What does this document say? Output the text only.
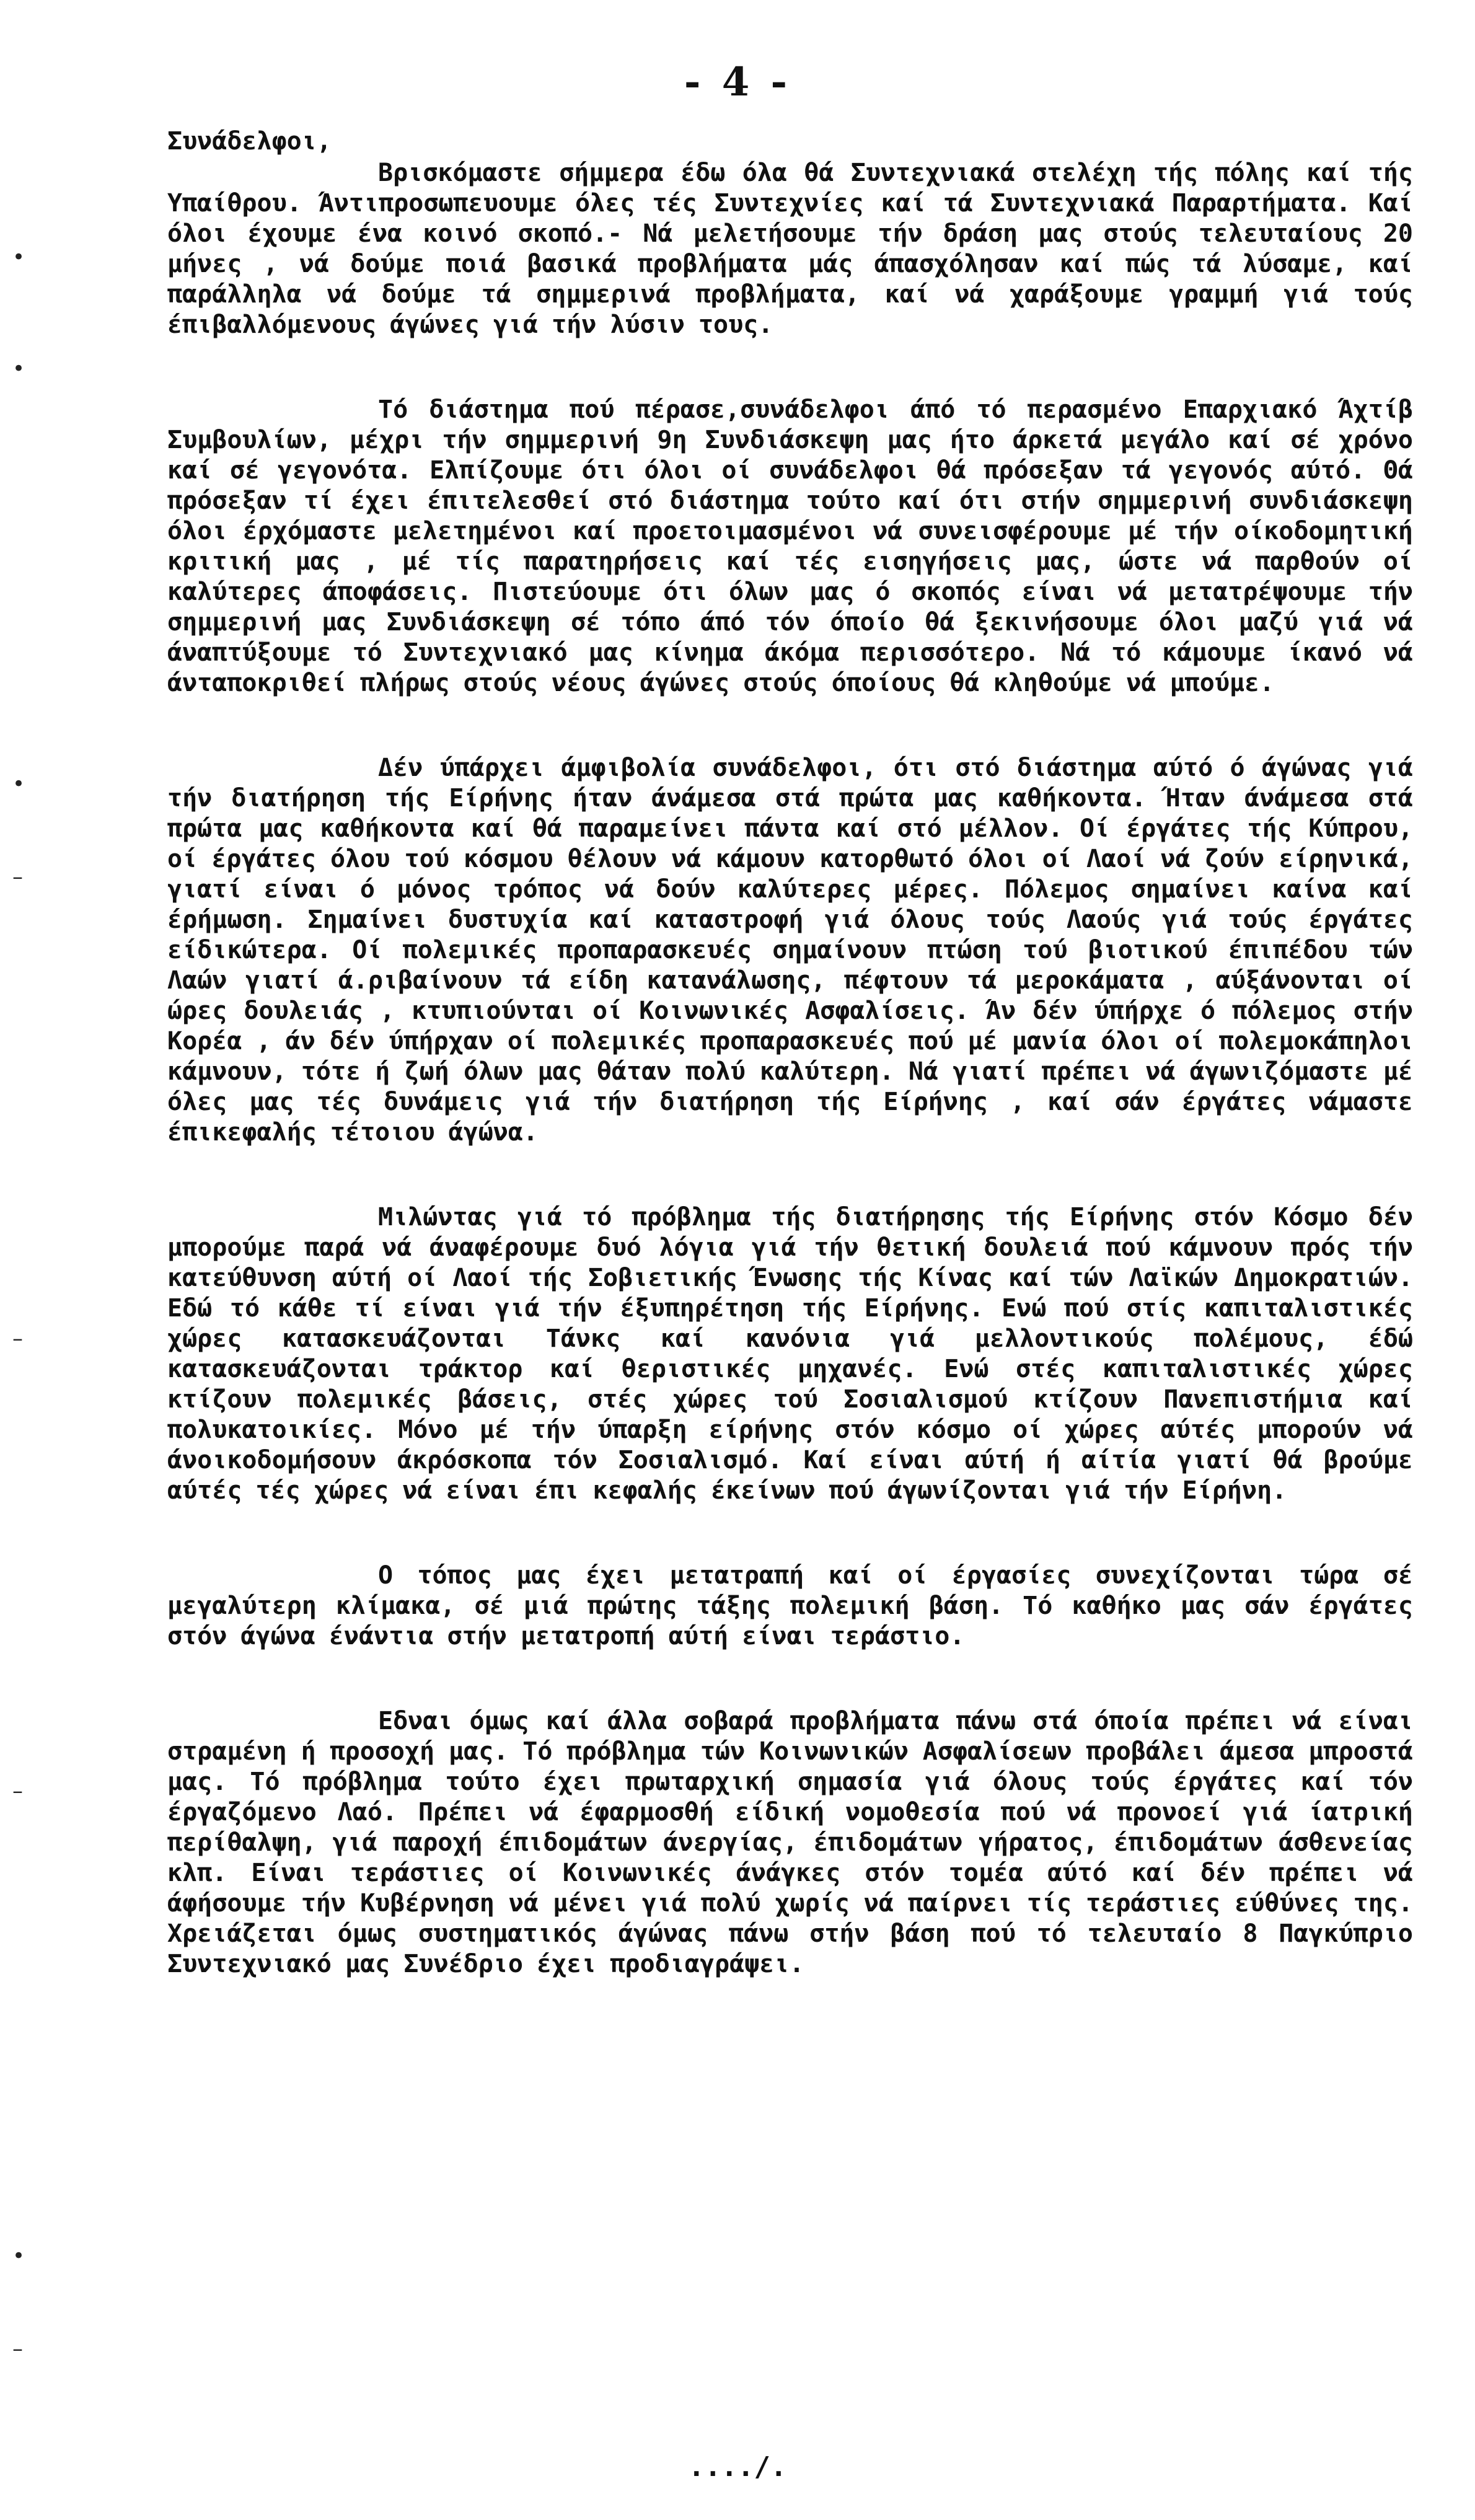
- 4 -
Συνάδελφοι,
•
•
•
–
–
–
•
–

Βρισκόμαστε σήμμερα έδω όλα θά Συντεχνιακά στελέχη τής πόλης καί τής Υπαίθρου. Άντιπροσωπευουμε όλες τές Συντεχνίες καί τά Συντεχνιακά Παραρτήματα. Καί όλοι έχουμε ένα κοινό σκοπό.- Νά μελετήσουμε τήν δράση μας στούς τελευταίους 20 μήνες , νά δούμε ποιά βασικά προβλήματα μάς άπασχόλησαν καί πώς τά λύσαμε, καί παράλληλα νά δούμε τά σημμερινά προβλήματα, καί νά χαράξουμε γραμμή γιά τούς έπιβαλλόμενους άγώνες γιά τήν λύσιν τους.

Τό διάστημα πού πέρασε,συνάδελφοι άπό τό περασμένο Επαρχιακό Άχτίβ Συμβουλίων, μέχρι τήν σημμερινή 9η Συνδιάσκεψη μας ήτο άρκετά μεγάλο καί σέ χρόνο καί σέ γεγονότα. Ελπίζουμε ότι όλοι οί συνάδελφοι θά πρόσεξαν τά γεγονός αύτό. Θά πρόσεξαν τί έχει έπιτελεσθεί στό διάστημα τούτο καί ότι στήν σημμερινή συνδιάσκεψη όλοι έρχόμαστε μελετημένοι καί προετοιμασμένοι νά συνεισφέρουμε μέ τήν οίκοδομητική κριτική μας , μέ τίς παρατηρήσεις καί τές εισηγήσεις μας, ώστε νά παρθούν οί καλύτερες άποφάσεις. Πιστεύουμε ότι όλων μας ό σκοπός είναι νά μετατρέψουμε τήν σημμερινή μας Συνδιάσκεψη σέ τόπο άπό τόν όποίο θά ξεκινήσουμε όλοι μαζύ γιά νά άναπτύξουμε τό Συντεχνιακό μας κίνημα άκόμα περισσότερο. Νά τό κάμουμε ίκανό νά άνταποκριθεί πλήρως στούς νέους άγώνες στούς όποίους θά κληθούμε νά μπούμε.

Δέν ύπάρχει άμφιβολία συνάδελφοι, ότι στό διάστημα αύτό ό άγώνας γιά τήν διατήρηση τής Είρήνης ήταν άνάμεσα στά πρώτα μας καθήκοντα. Ήταν άνάμεσα στά πρώτα μας καθήκοντα καί θά παραμείνει πάντα καί στό μέλλον. Οί έργάτες τής Κύπρου, οί έργάτες όλου τού κόσμου θέλουν νά κάμουν κατορθωτό όλοι οί Λαοί νά ζούν είρηνικά, γιατί είναι ό μόνος τρόπος νά δούν καλύτερες μέρες. Πόλεμος σημαίνει καίνα καί έρήμωση. Σημαίνει δυστυχία καί καταστροφή γιά όλους τούς Λαούς γιά τούς έργάτες είδικώτερα. Οί πολεμικές προπαρασκευές σημαίνουν πτώση τού βιοτικού έπιπέδου τών Λαών γιατί ά.ριβαίνουν τά είδη κατανάλωσης, πέφτουν τά μεροκάματα , αύξάνονται οί ώρες δουλειάς , κτυπιούνται οί Κοινωνικές Ασφαλίσεις. Άν δέν ύπήρχε ό πόλεμος στήν Κορέα , άν δέν ύπήρχαν οί πολεμικές προπαρασκευές πού μέ μανία όλοι οί πολεμοκάπηλοι κάμνουν, τότε ή ζωή όλων μας θάταν πολύ καλύτερη. Νά γιατί πρέπει νά άγωνιζόμαστε μέ όλες μας τές δυνάμεις γιά τήν διατήρηση τής Είρήνης , καί σάν έργάτες νάμαστε έπικεφαλής τέτοιου άγώνα.

Μιλώντας γιά τό πρόβλημα τής διατήρησης τής Είρήνης στόν Κόσμο δέν μπορούμε παρά νά άναφέρουμε δυό λόγια γιά τήν θετική δουλειά πού κάμνουν πρός τήν κατεύθυνση αύτή οί Λαοί τής Σοβιετικής Ένωσης τής Κίνας καί τών Λαϊκών Δημοκρατιών. Εδώ τό κάθε τί είναι γιά τήν έξυπηρέτηση τής Είρήνης. Ενώ πού στίς καπιταλιστικές χώρες κατασκευάζονται Τάνκς καί κανόνια γιά μελλοντικούς πολέμους, έδώ κατασκευάζονται τράκτορ καί θεριστικές μηχανές. Ενώ στές καπιταλιστικές χώρες κτίζουν πολεμικές βάσεις, στές χώρες τού Σοσιαλισμού κτίζουν Πανεπιστήμια καί πολυκατοικίες. Μόνο μέ τήν ύπαρξη είρήνης στόν κόσμο οί χώρες αύτές μπορούν νά άνοικοδομήσουν άκρόσκοπα τόν Σοσιαλισμό. Καί είναι αύτή ή αίτία γιατί θά βρούμε αύτές τές χώρες νά είναι έπι κεφαλής έκείνων πού άγωνίζονται γιά τήν Είρήνη.

Ο τόπος μας έχει μετατραπή καί οί έργασίες συνεχίζονται τώρα σέ μεγαλύτερη κλίμακα, σέ μιά πρώτης τάξης πολεμική βάση. Τό καθήκο μας σάν έργάτες στόν άγώνα ένάντια στήν μετατροπή αύτή είναι τεράστιο.

Εδναι όμως καί άλλα σοβαρά προβλήματα πάνω στά όποία πρέπει νά είναι στραμένη ή προσοχή μας. Τό πρόβλημα τών Κοινωνικών Ασφαλίσεων προβάλει άμεσα μπροστά μας. Τό πρόβλημα τούτο έχει πρωταρχική σημασία γιά όλους τούς έργάτες καί τόν έργαζόμενο Λαό. Πρέπει νά έφαρμοσθή είδική νομοθεσία πού νά προνοεί γιά ίατρική περίθαλψη, γιά παροχή έπιδομάτων άνεργίας, έπιδομάτων γήρατος, έπιδομάτων άσθενείας κλπ. Είναι τεράστιες οί Κοινωνικές άνάγκες στόν τομέα αύτό καί δέν πρέπει νά άφήσουμε τήν Κυβέρνηση νά μένει γιά πολύ χωρίς νά παίρνει τίς τεράστιες εύθύνες της. Χρειάζεται όμως συστηματικός άγώνας πάνω στήν βάση πού τό τελευταίο 8 Παγκύπριο Συντεχνιακό μας Συνέδριο έχει προδιαγράψει.

..../.
